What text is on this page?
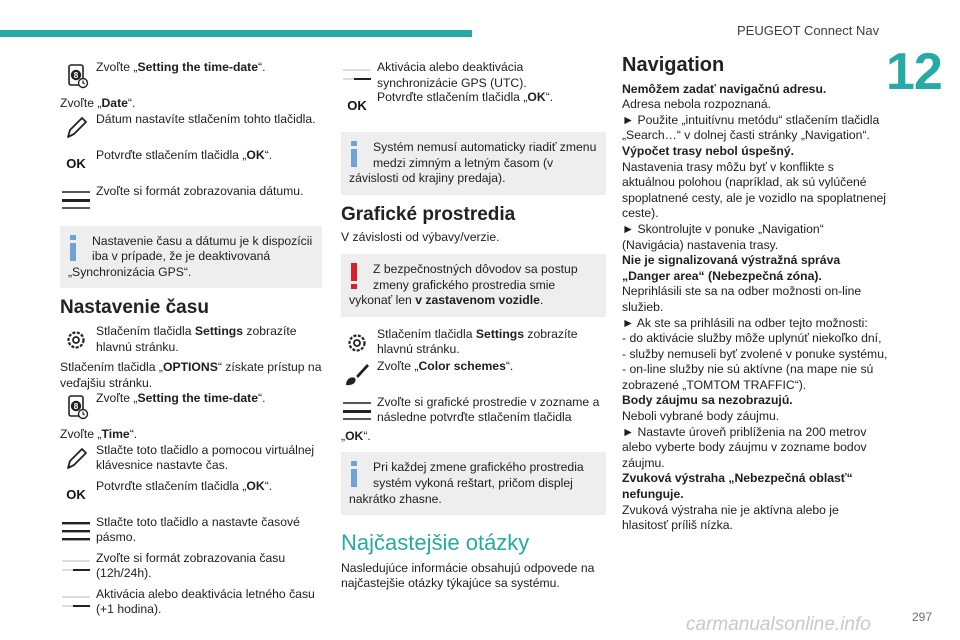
PEUGEOT Connect Nav
12
297
carmanualsonline.info
8
Zvoľte „Setting the time-date“.
Zvoľte „Date“.
Dátum nastavíte stlačením tohto tlačidla.
OK
Potvrďte stlačením tlačidla „OK“.
Zvoľte si formát zobrazovania dátumu.
Nastavenie času a dátumu je k dispozícii
iba v prípade, že je deaktivovaná
„Synchronizácia GPS“.
Nastavenie času
Stlačením tlačidla Settings zobrazíte
hlavnú stránku.
Stlačením tlačidla „OPTIONS“ získate prístup na
veďajšiu stránku.
8
Zvoľte „Setting the time-date“.
Zvoľte „Time“.
Stlačte toto tlačidlo a pomocou virtuálnej
klávesnice nastavte čas.
OK
Potvrďte stlačením tlačidla „OK“.
Stlačte toto tlačidlo a nastavte časové
pásmo.
Zvoľte si formát zobrazovania času
(12h/24h).
Aktivácia alebo deaktivácia letného času
(+1 hodina).
Aktivácia alebo deaktivácia
synchronizácie GPS (UTC).
OK
Potvrďte stlačením tlačidla „OK“.
Systém nemusí automaticky riadiť zmenu
medzi zimným a letným časom (v
závislosti od krajiny predaja).
Grafické prostredia
V závislosti od výbavy/verzie.
Z bezpečnostných dôvodov sa postup
zmeny grafického prostredia smie
vykonať len v zastavenom vozidle.
Stlačením tlačidla Settings zobrazíte
hlavnú stránku.
Zvoľte „Color schemes“.
Zvoľte si grafické prostredie v zozname a
následne potvrďte stlačením tlačidla
„OK“.
Pri každej zmene grafického prostredia
systém vykoná reštart, pričom displej
nakrátko zhasne.
Najčastejšie otázky
Nasledujúce informácie obsahujú odpovede na
najčastejšie otázky týkajúce sa systému.
Navigation
Nemôžem zadať navigačnú adresu.
Adresa nebola rozpoznaná.
► Použite „intuitívnu metódu“ stlačením tlačidla
„Search…“ v dolnej časti stránky „Navigation“.
Výpočet trasy nebol úspešný.
Nastavenia trasy môžu byť v konflikte s
aktuálnou polohou (napríklad, ak sú vylúčené
spoplatnené cesty, ale je vozidlo na spoplatnenej
ceste).
► Skontrolujte v ponuke „Navigation“
(Navigácia) nastavenia trasy.
Nie je signalizovaná výstražná správa
„Danger area“ (Nebezpečná zóna).
Neprihlásili ste sa na odber možnosti on-line
služieb.
► Ak ste sa prihlásili na odber tejto možnosti:
- do aktivácie služby môže uplynúť niekoľko dní,
- služby nemuseli byť zvolené v ponuke systému,
- on-line služby nie sú aktívne (na mape nie sú
zobrazené „TOMTOM TRAFFIC“).
Body záujmu sa nezobrazujú.
Neboli vybrané body záujmu.
► Nastavte úroveň priblíženia na 200 metrov
alebo vyberte body záujmu v zozname bodov
záujmu.
Zvuková výstraha „Nebezpečná oblasť“
nefunguje.
Zvuková výstraha nie je aktívna alebo je
hlasitosť príliš nízka.
